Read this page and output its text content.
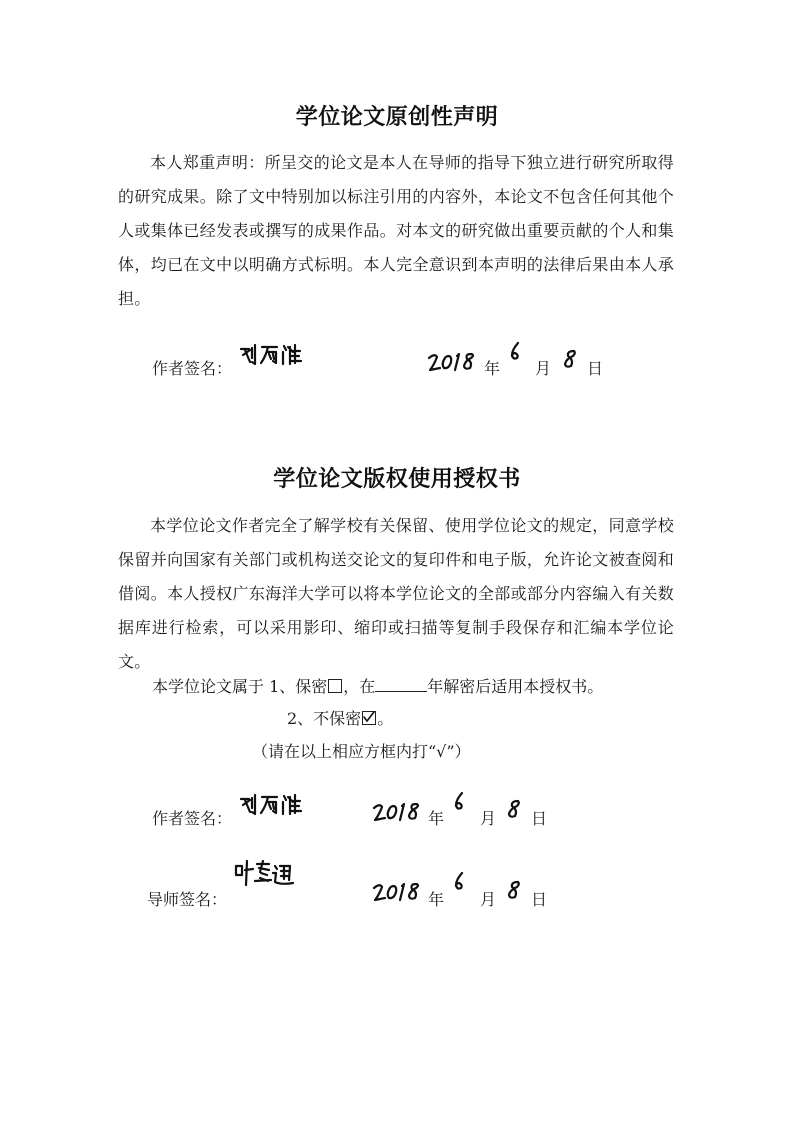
学位论文原创性声明

本人郑重声明：所呈交的论文是本人在导师的指导下独立进行研究所取得的研究成果。除了文中特别加以标注引用的内容外，本论文不包含任何其他个人或集体已经发表或撰写的成果作品。对本文的研究做出重要贡献的个人和集体，均已在文中以明确方式标明。本人完全意识到本声明的法律后果由本人承担。

作者签名：	年 月 日
学位论文版权使用授权书

本学位论文作者完全了解学校有关保留、使用学位论文的规定，同意学校保留并向国家有关部门或机构送交论文的复印件和电子版，允许论文被查阅和借阅。本人授权广东海洋大学可以将本学位论文的全部或部分内容编入有关数据库进行检索，可以采用影印、缩印或扫描等复制手段保存和汇编本学位论文。

本学位论文属于 1、保密 ，在	年解密后适用本授权书。
2、不保密 。
（请在以上相应方框内打“√”）
作者签名：	年 月 日
导师签名：	年 月 日
